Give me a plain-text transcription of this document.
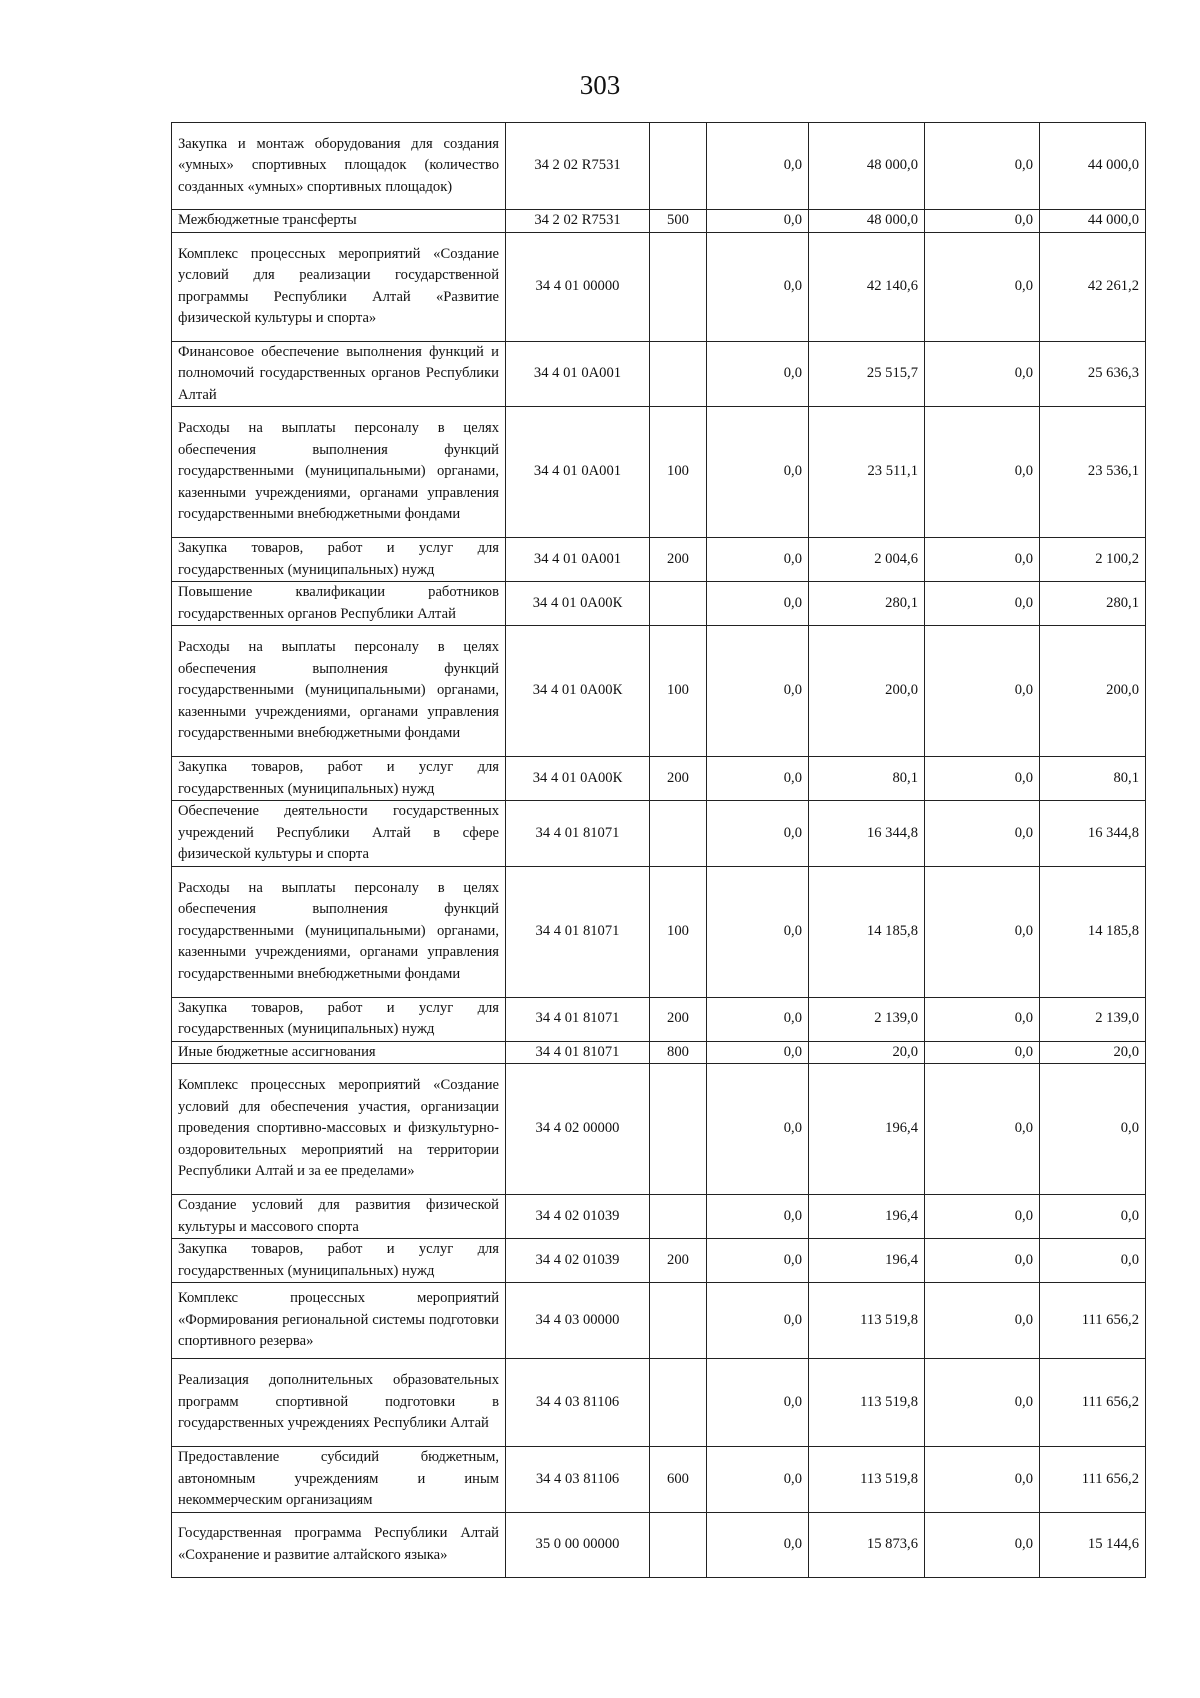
303
Закупка и монтаж оборудования для создания «умных» спортивных площадок (количество созданных «умных» спортивных площадок)	34 2 02 R7531		0,0	48 000,0	0,0	44 000,0
Межбюджетные трансферты	34 2 02 R7531	500	0,0	48 000,0	0,0	44 000,0
Комплекс процессных мероприятий «Создание условий для реализации государственной программы Республики Алтай «Развитие физической культуры и спорта»	34 4 01 00000		0,0	42 140,6	0,0	42 261,2
Финансовое обеспечение выполнения функций и полномочий государственных органов Республики Алтай	34 4 01 0А001		0,0	25 515,7	0,0	25 636,3
Расходы на выплаты персоналу в целях обеспечения выполнения функций государственными (муниципальными) органами, казенными учреждениями, органами управления государственными внебюджетными фондами	34 4 01 0А001	100	0,0	23 511,1	0,0	23 536,1
Закупка товаров, работ и услуг для государственных (муниципальных) нужд	34 4 01 0А001	200	0,0	2 004,6	0,0	2 100,2
Повышение квалификации работников государственных органов Республики Алтай	34 4 01 0А00К		0,0	280,1	0,0	280,1
Расходы на выплаты персоналу в целях обеспечения выполнения функций государственными (муниципальными) органами, казенными учреждениями, органами управления государственными внебюджетными фондами	34 4 01 0А00К	100	0,0	200,0	0,0	200,0
Закупка товаров, работ и услуг для государственных (муниципальных) нужд	34 4 01 0А00К	200	0,0	80,1	0,0	80,1
Обеспечение деятельности государственных учреждений Республики Алтай в сфере физической культуры и спорта	34 4 01 81071		0,0	16 344,8	0,0	16 344,8
Расходы на выплаты персоналу в целях обеспечения выполнения функций государственными (муниципальными) органами, казенными учреждениями, органами управления государственными внебюджетными фондами	34 4 01 81071	100	0,0	14 185,8	0,0	14 185,8
Закупка товаров, работ и услуг для государственных (муниципальных) нужд	34 4 01 81071	200	0,0	2 139,0	0,0	2 139,0
Иные бюджетные ассигнования	34 4 01 81071	800	0,0	20,0	0,0	20,0
Комплекс процессных мероприятий «Создание условий для обеспечения участия, организации проведения спортивно-массовых и физкультурно-оздоровительных мероприятий на территории Республики Алтай и за ее пределами»	34 4 02 00000		0,0	196,4	0,0	0,0
Создание условий для развития физической культуры и массового спорта	34 4 02 01039		0,0	196,4	0,0	0,0
Закупка товаров, работ и услуг для государственных (муниципальных) нужд	34 4 02 01039	200	0,0	196,4	0,0	0,0
Комплекс процессных мероприятий «Формирования региональной системы подготовки спортивного резерва»	34 4 03 00000		0,0	113 519,8	0,0	111 656,2
Реализация дополнительных образовательных программ спортивной подготовки в государственных учреждениях Республики Алтай	34 4 03 81106		0,0	113 519,8	0,0	111 656,2
Предоставление субсидий бюджетным, автономным учреждениям и иным некоммерческим организациям	34 4 03 81106	600	0,0	113 519,8	0,0	111 656,2
Государственная программа Республики Алтай «Сохранение и развитие алтайского языка»	35 0 00 00000		0,0	15 873,6	0,0	15 144,6
